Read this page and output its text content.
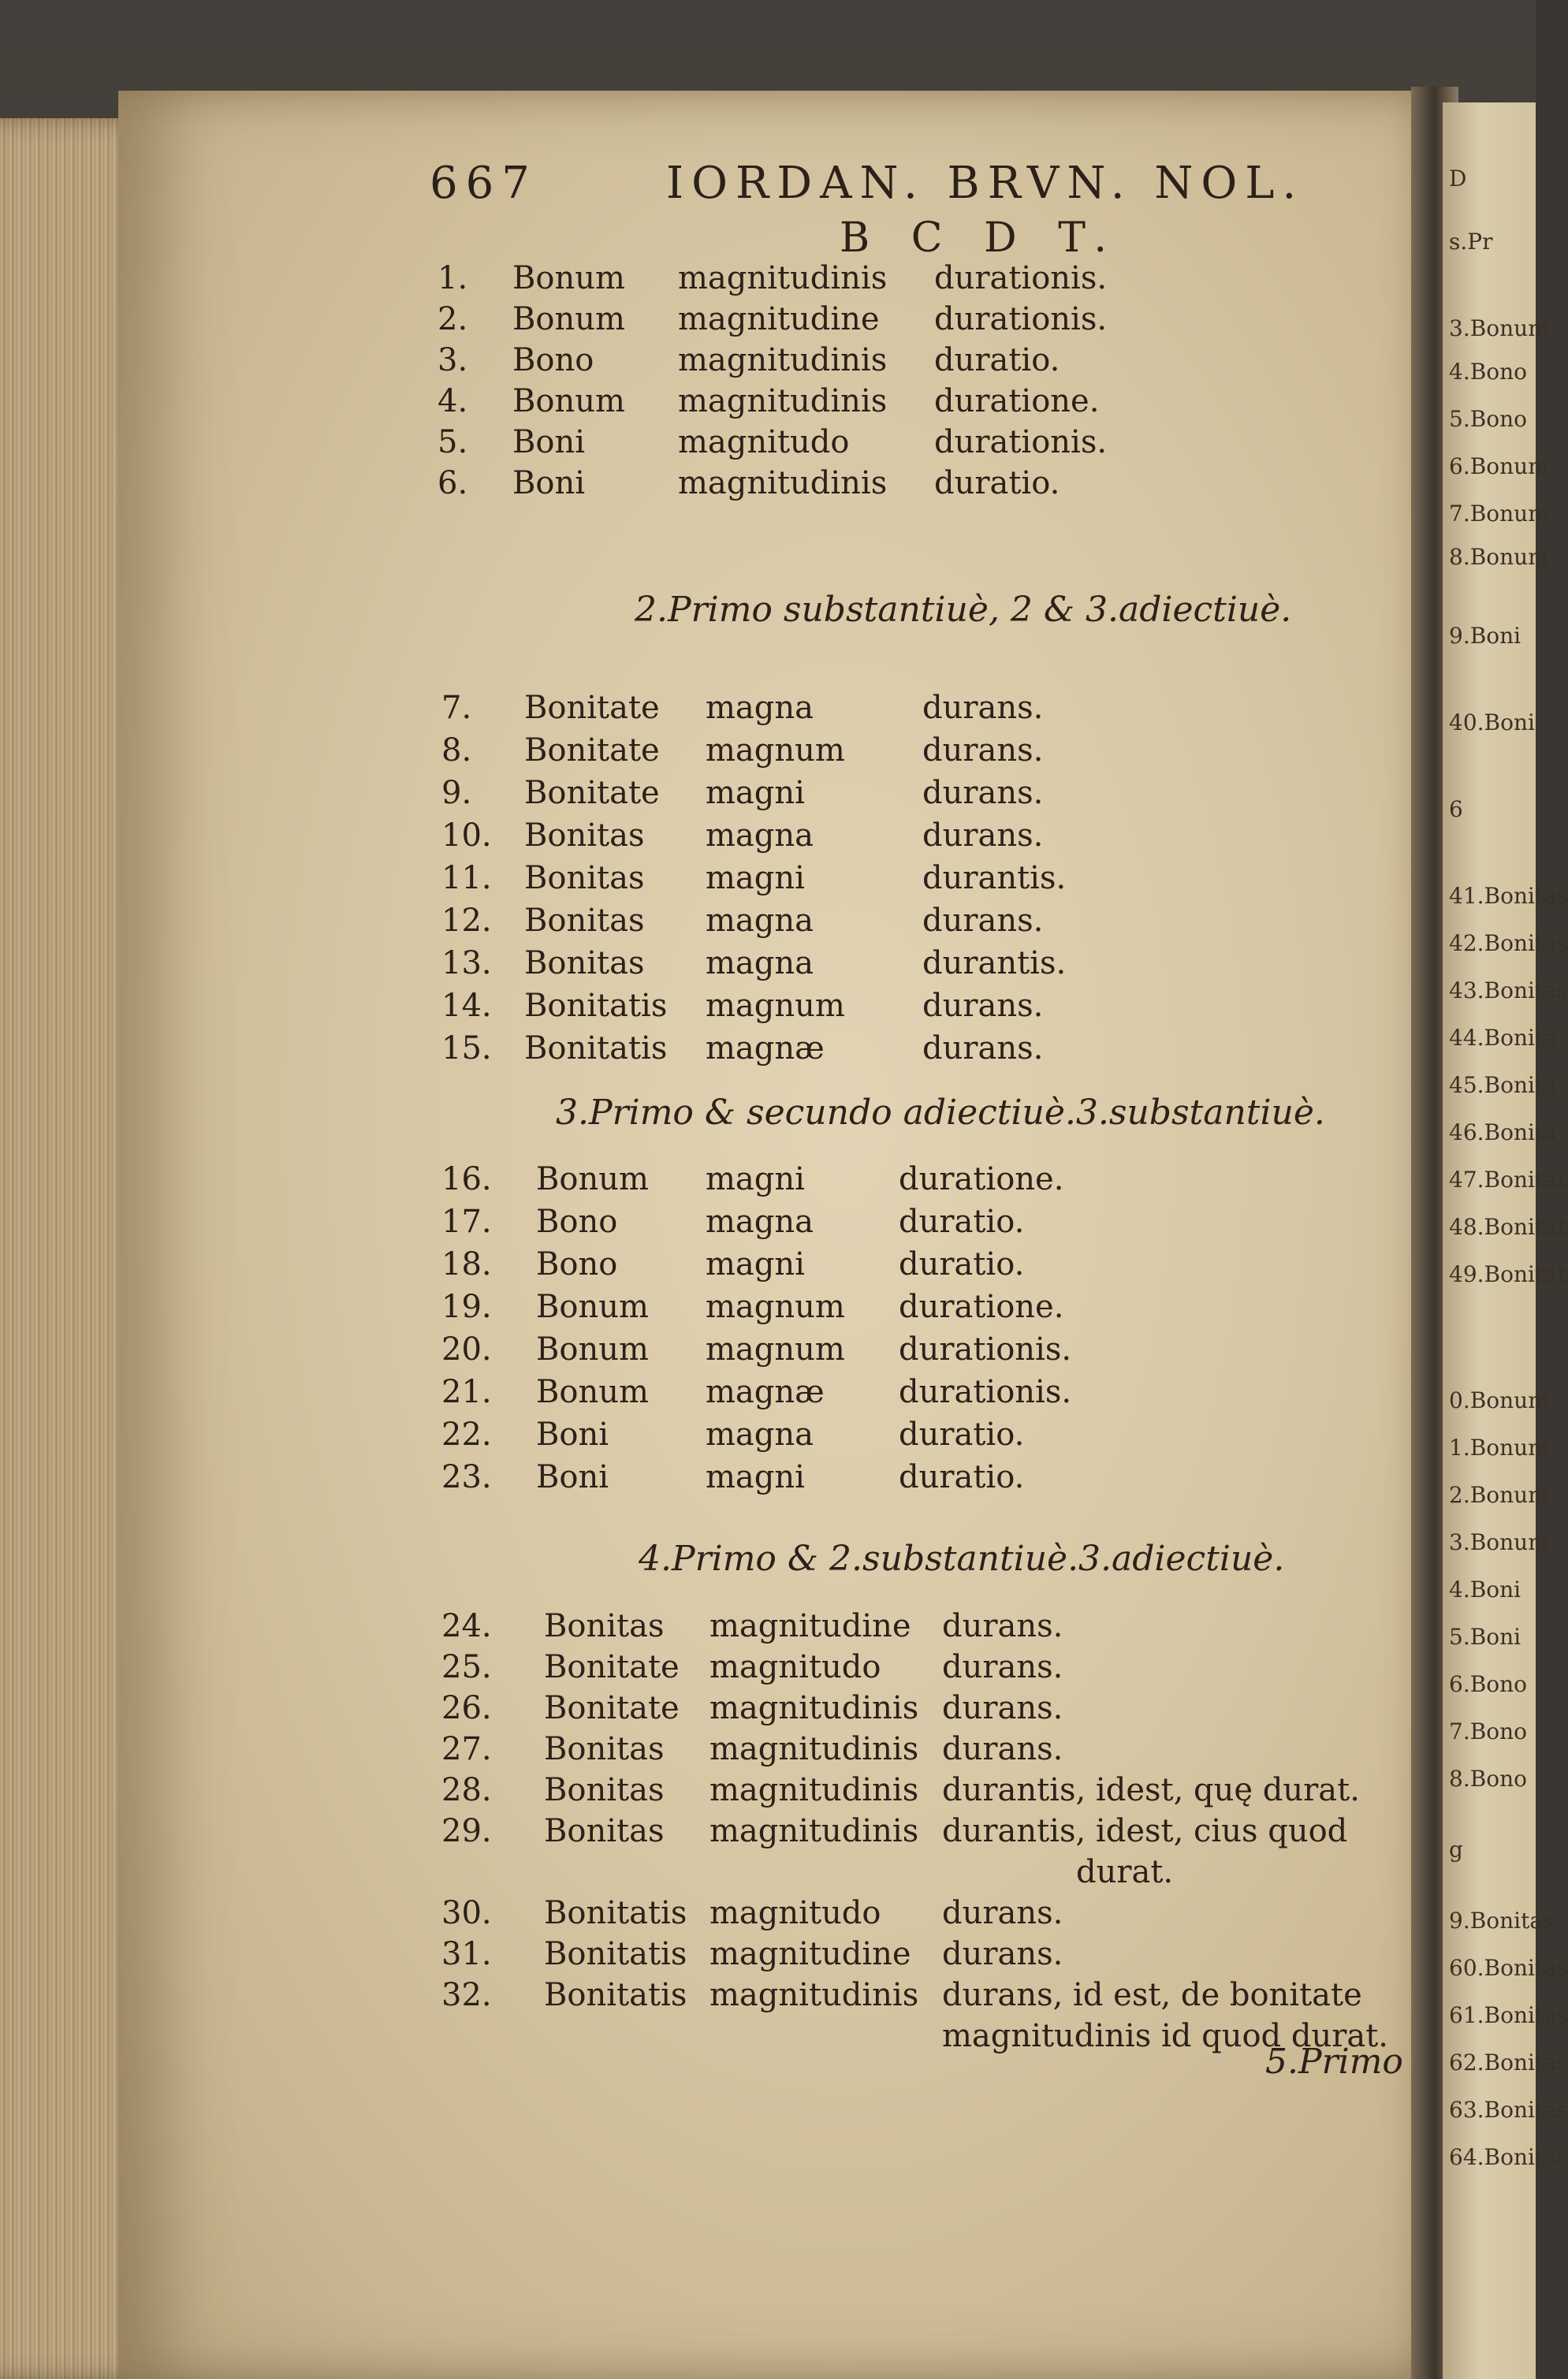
D
s.Pr
3.Bonum
4.Bono
5.Bono
6.Bonum
7.Bonum
8.Bonum
9.Boni
40.Boni
6
41.Bonitas
42.Bonitas
43.Bonitas
44.Bonita
45.Bonita
46.Bonita
47.Bonitat
48.Bonitat
49.Bonitat
0.Bonum
1.Bonum
2.Bonum
3.Bonum
4.Boni
5.Boni
6.Bono
7.Bono
8.Bono
g
9.Bonitas
60.Bonitas
61.Bonitas
62.Bonitas
63.Bonitas
64.Bonitas
667	IORDAN. BRVN. NOL.
B C D T.
1. Bonum magnitudinis durationis.
2. Bonum magnitudine durationis.
3. Bono	magnitudinis duratio.
4. Bonum magnitudinis duratione.
5. Boni	magnitudo	durationis.
6. Boni	magnitudinis duratio.
2.Primo substantiuè, 2 & 3.adiectiuè.
7. Bonitate magna	durans.
8. Bonitate magnum durans.
9. Bonitate magni	durans.
10. Bonitas magna	durans.
11. Bonitas magni	durantis.
12. Bonitas magna	durans.
13. Bonitas magna	durantis.
14. Bonitatis magnum durans.
15. Bonitatis magnæ	durans.
3.Primo & secundo adiectiuè.3.substantiuè.
16. Bonum magni	duratione.
17. Bono	magna	duratio.
18. Bono	magni	duratio.
19. Bonum magnum duratione.
20. Bonum magnum durationis.
21. Bonum magnæ durationis.
22. Boni	magna	duratio.
23. Boni	magni	duratio.
4.Primo & 2.substantiuè.3.adiectiuè.
24. Bonitas magnitudine durans.
25. Bonitate magnitudo durans.
26. Bonitate magnitudinis durans.
27. Bonitas magnitudinis durans.
28. Bonitas magnitudinis durantis, idest, quę durat.
29. Bonitas magnitudinis durantis, idest, cius quod
durat.
30. Bonitatis magnitudo durans.
31. Bonitatis magnitudine durans.
32. Bonitatis magnitudinis durans, id est, de bonitate
magnitudinis id quod durat.
5.Primo
